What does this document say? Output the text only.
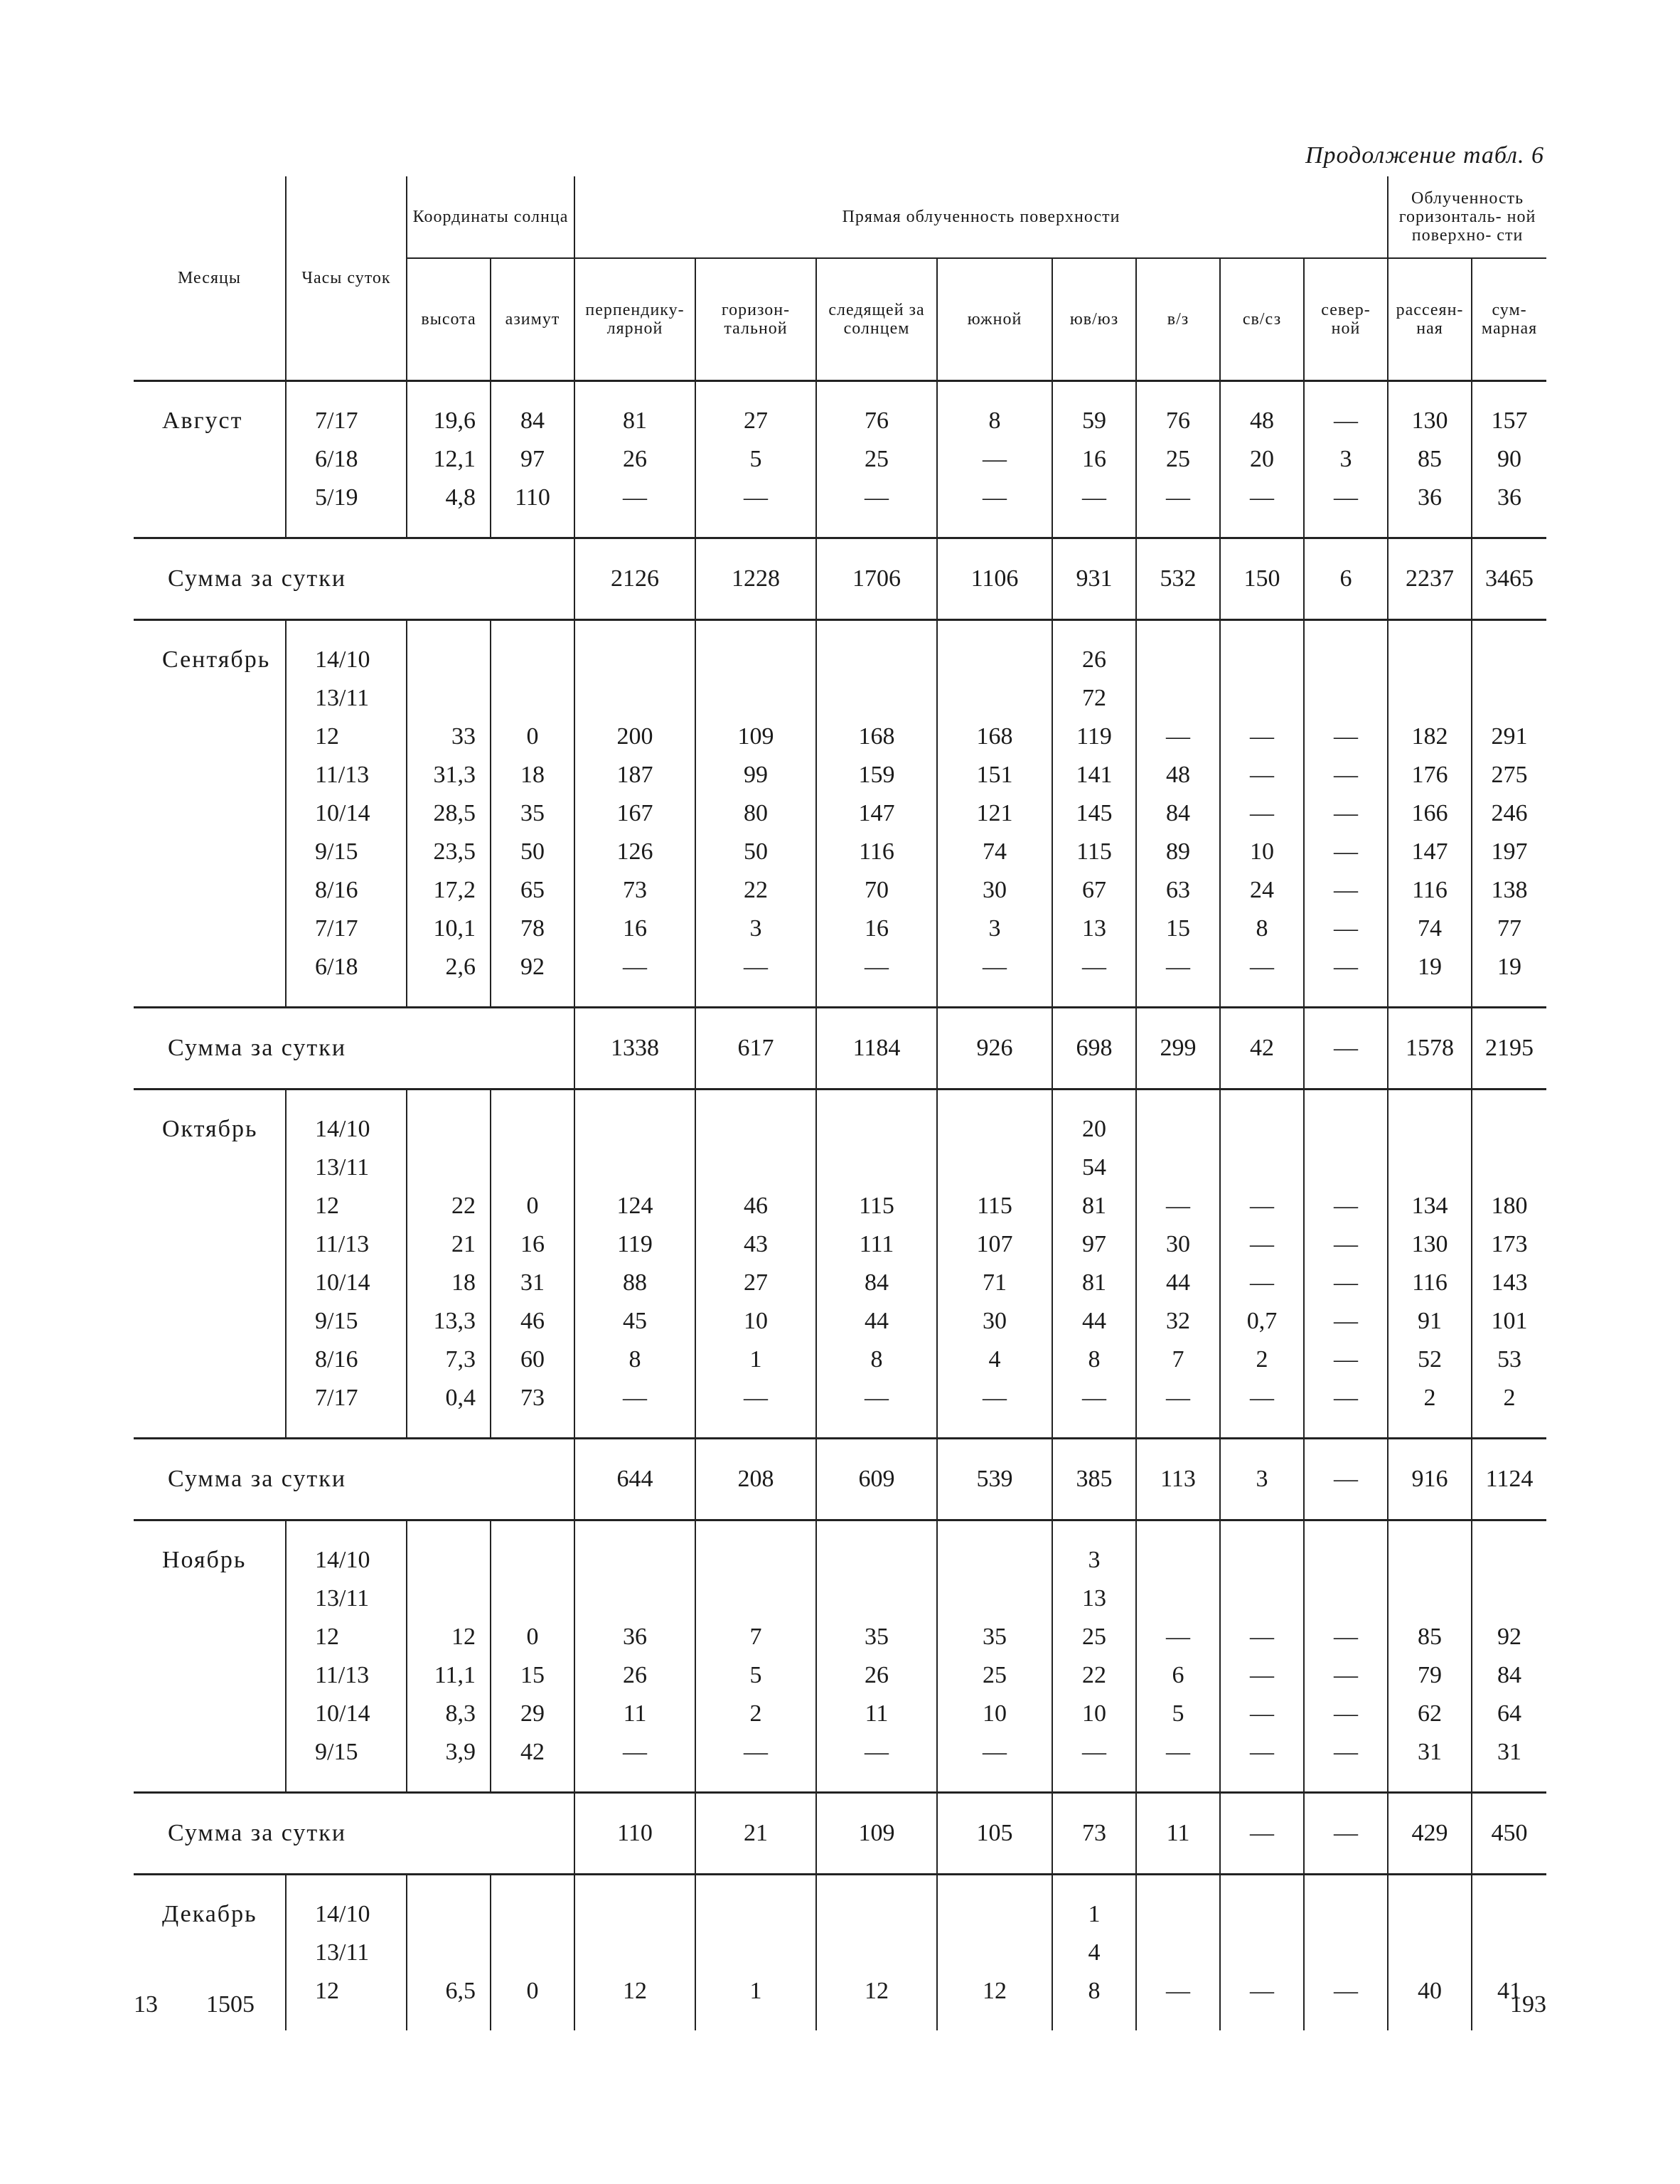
Продолжение табл. 6
Месяцы	Часы суток	Координаты солнца		Прямая облученность поверхности								Облученность горизонталь- ной поверхно- сти	
		высота	азимут	перпендику- лярной	горизон- тальной	следящей за солнцем	южной	юв/юз	в/з	св/сз	север- ной	рассеян- ная	сум- марная

Август	7/17	19,6	84	81	27	76	8	59	76	48	—	130	157
	6/18	12,1	97	26	5	25	—	16	25	20	3	85	90
	5/19	4,8	110	—	—	—	—	—	—	—	—	36	36

Сумма за сутки				2126	1228	1706	1106	931	532	150	6	2237	3465

Сентябрь	14/10							26					
	13/11							72					
	12	33	0	200	109	168	168	119	—	—	—	182	291
	11/13	31,3	18	187	99	159	151	141	48	—	—	176	275
	10/14	28,5	35	167	80	147	121	145	84	—	—	166	246
	9/15	23,5	50	126	50	116	74	115	89	10	—	147	197
	8/16	17,2	65	73	22	70	30	67	63	24	—	116	138
	7/17	10,1	78	16	3	16	3	13	15	8	—	74	77
	6/18	2,6	92	—	—	—	—	—	—	—	—	19	19

Сумма за сутки				1338	617	1184	926	698	299	42	—	1578	2195

Октябрь	14/10							20					
	13/11							54					
	12	22	0	124	46	115	115	81	—	—	—	134	180
	11/13	21	16	119	43	111	107	97	30	—	—	130	173
	10/14	18	31	88	27	84	71	81	44	—	—	116	143
	9/15	13,3	46	45	10	44	30	44	32	0,7	—	91	101
	8/16	7,3	60	8	1	8	4	8	7	2	—	52	53
	7/17	0,4	73	—	—	—	—	—	—	—	—	2	2

Сумма за сутки				644	208	609	539	385	113	3	—	916	1124

Ноябрь	14/10							3					
	13/11							13					
	12	12	0	36	7	35	35	25	—	—	—	85	92
	11/13	11,1	15	26	5	26	25	22	6	—	—	79	84
	10/14	8,3	29	11	2	11	10	10	5	—	—	62	64
	9/15	3,9	42	—	—	—	—	—	—	—	—	31	31

Сумма за сутки				110	21	109	105	73	11	—	—	429	450

Декабрь	14/10							1					
	13/11							4					
	12	6,5	0	12	1	12	12	8	—	—	—	40	41

13 1505	193
